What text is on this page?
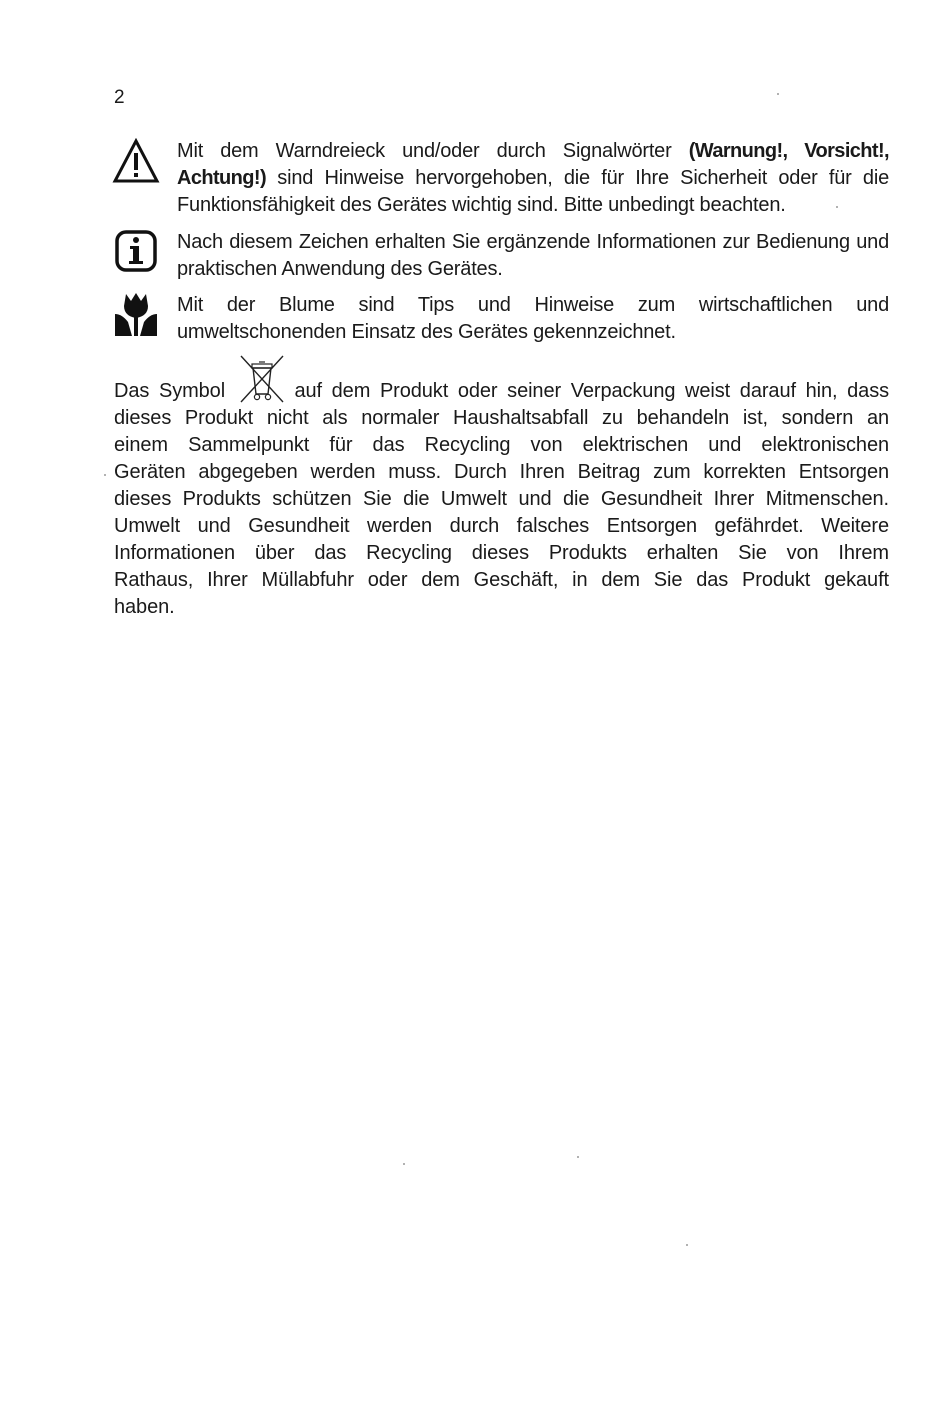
2
Mit dem Warndreieck und/oder durch Signalwörter (Warnung!, Vorsicht!, Achtung!) sind Hinweise hervorgehoben, die für Ihre Sicherheit oder für die Funktionsfähigkeit des Gerätes wichtig sind. Bitte unbedingt beachten.
Nach diesem Zeichen erhalten Sie ergänzende Informationen zur Bedienung und praktischen Anwendung des Gerätes.
Mit der Blume sind Tips und Hinweise zum wirtschaftlichen und umweltschonenden Einsatz des Gerätes gekennzeichnet.
Das Symbol	auf dem Produkt oder seiner Verpackung weist darauf hin, dass
dieses Produkt nicht als normaler Haushaltsabfall zu behandeln ist, sondern an
einem Sammelpunkt für das Recycling von elektrischen und elektronischen
Geräten abgegeben werden muss. Durch Ihren Beitrag zum korrekten Entsorgen
dieses Produkts schützen Sie die Umwelt und die Gesundheit Ihrer Mitmenschen.
Umwelt und Gesundheit werden durch falsches Entsorgen gefährdet. Weitere
Informationen über das Recycling dieses Produkts erhalten Sie von Ihrem
Rathaus, Ihrer Müllabfuhr oder dem Geschäft, in dem Sie das Produkt gekauft
haben.
